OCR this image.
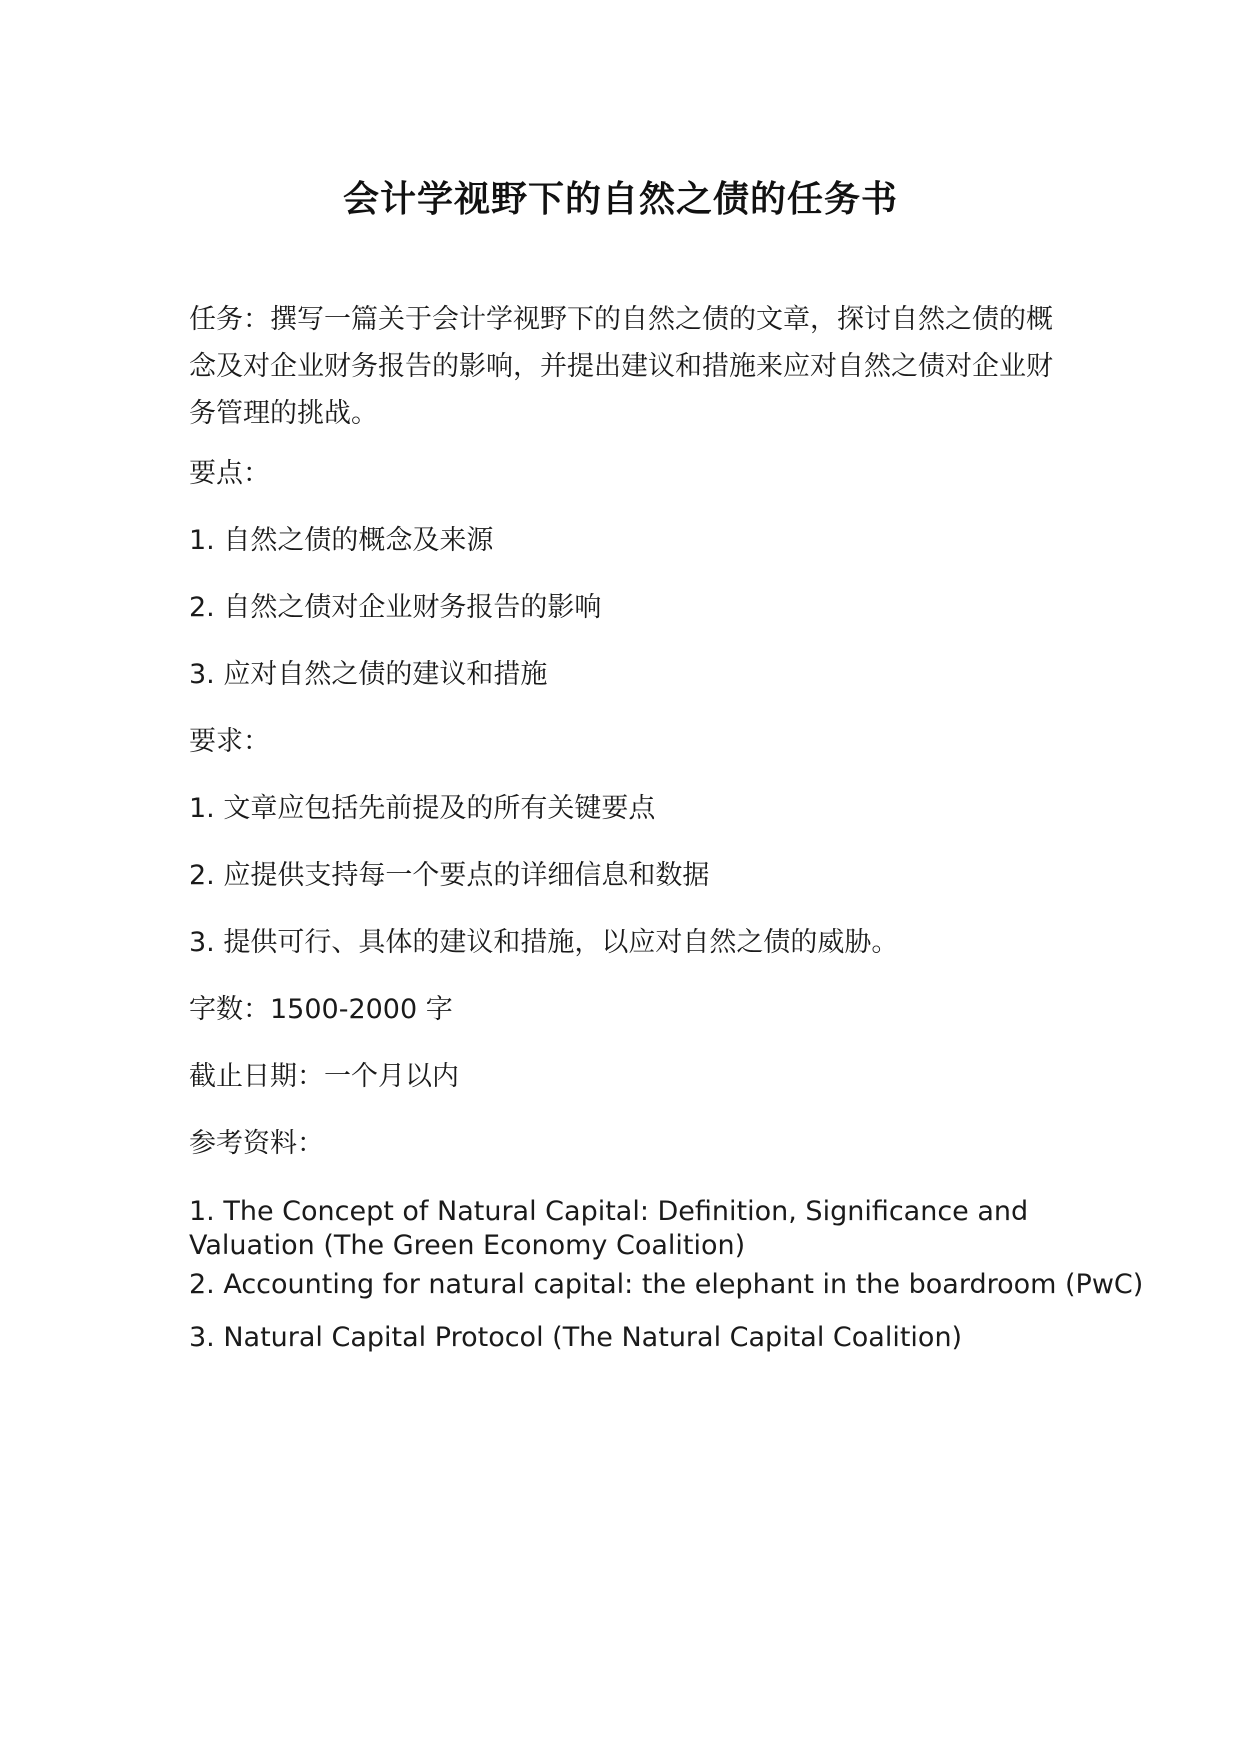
会计学视野下的自然之债的任务书
任务：撰写一篇关于会计学视野下的自然之债的文章，探讨自然之债的概念及对企业财务报告的影响，并提出建议和措施来应对自然之债对企业财务管理的挑战。
要点：
1. 自然之债的概念及来源
2. 自然之债对企业财务报告的影响
3. 应对自然之债的建议和措施
要求：
1. 文章应包括先前提及的所有关键要点
2. 应提供支持每一个要点的详细信息和数据
3. 提供可行、具体的建议和措施，以应对自然之债的威胁。
字数：1500-2000 字
截止日期：一个月以内
参考资料：
1. The Concept of Natural Capital: Definition, Significance and Valuation (The Green Economy Coalition)
2. Accounting for natural capital: the elephant in the boardroom (PwC)
3. Natural Capital Protocol (The Natural Capital Coalition)
